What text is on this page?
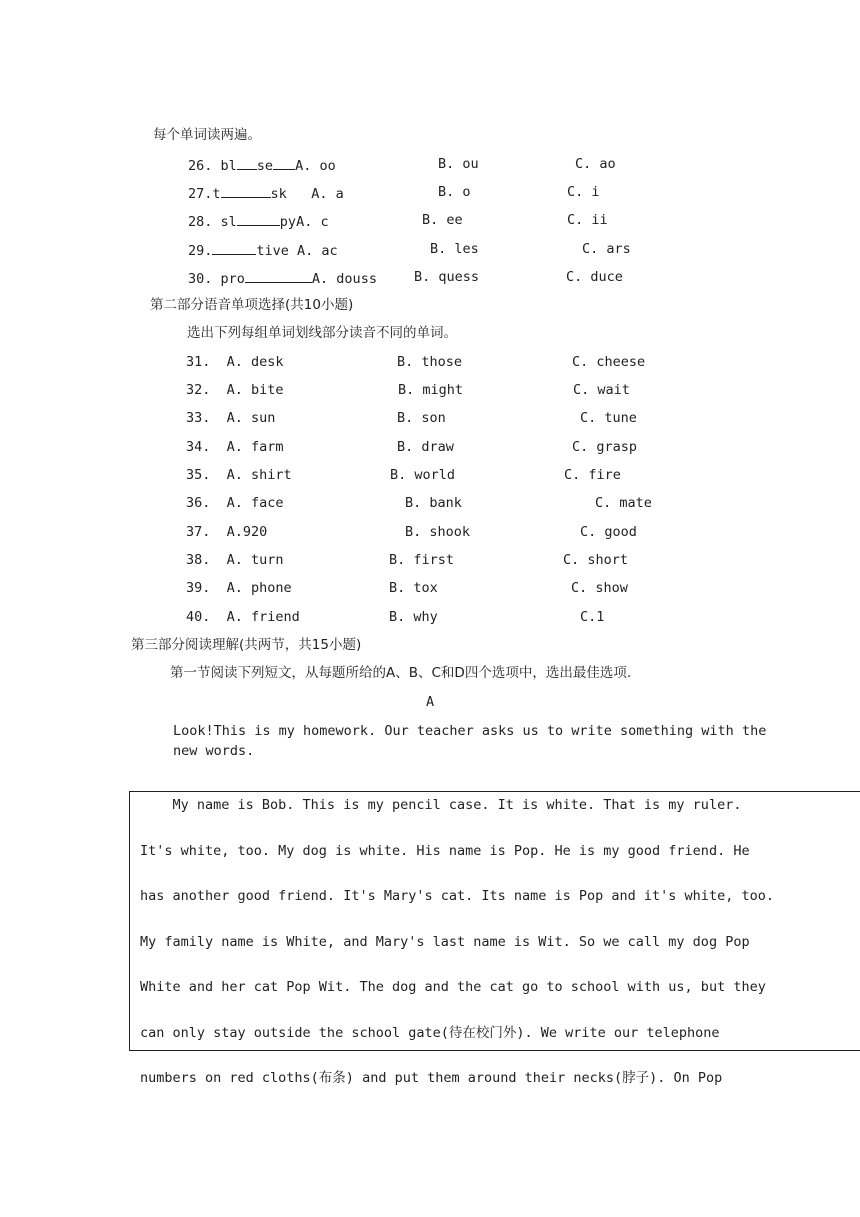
每个单词读两遍。
26. bl se A. oo	B. ou	C. ao
27.t	sk A. a	B. o	C. i
28. sl	pyA. c	B. ee	C. ii
29.	tive A. ac	B. les	C. ars
30. pro	A. douss	B. quess	C. duce
第二部分语音单项选择(共10小题)
选出下列每组单词划线部分读音不同的单词。
31. A. desk	B. those	C. cheese
32. A. bite	B. might	C. wait
33. A. sun	B. son	C. tune
34. A. farm	B. draw	C. grasp
35. A. shirt	B. world	C. fire
36. A. face	B. bank	C. mate
37. A.920	B. shook	C. good
38. A. turn	B. first	C. short
39. A. phone	B. tox	C. show
40. A. friend	B. why	C.1
第三部分阅读理解(共两节，共15小题)
第一节阅读下列短文，从每题所给的A、B、C和D四个选项中，选出最佳选项.
A
Look!This is my homework. Our teacher asks us to write something with the
new words.
My name is Bob. This is my pencil case. It is white. That is my ruler.
It's white, too. My dog is white. His name is Pop. He is my good friend. He
has another good friend. It's Mary's cat. Its name is Pop and it's white, too.
My family name is White, and Mary's last name is Wit. So we call my dog Pop
White and her cat Pop Wit. The dog and the cat go to school with us, but they
can only stay outside the school gate(待在校门外). We write our telephone
numbers on red cloths(布条) and put them around their necks(脖子). On Pop
